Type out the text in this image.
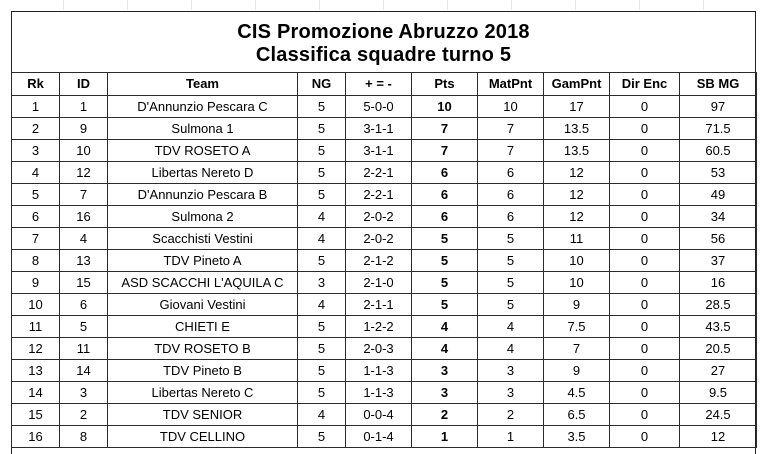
CIS Promozione Abruzzo 2018
Classifica squadre turno 5
Rk	ID	Team	NG	+ = -	Pts	MatPnt	GamPnt	Dir Enc	SB MG
1	1	D'Annunzio Pescara C	5	5-0-0	10	10	17	0	97
2	9	Sulmona 1	5	3-1-1	7	7	13.5	0	71.5
3	10	TDV ROSETO A	5	3-1-1	7	7	13.5	0	60.5
4	12	Libertas Nereto D	5	2-2-1	6	6	12	0	53
5	7	D'Annunzio Pescara B	5	2-2-1	6	6	12	0	49
6	16	Sulmona 2	4	2-0-2	6	6	12	0	34
7	4	Scacchisti Vestini	4	2-0-2	5	5	11	0	56
8	13	TDV Pineto A	5	2-1-2	5	5	10	0	37
9	15	ASD SCACCHI L'AQUILA C	3	2-1-0	5	5	10	0	16
10	6	Giovani Vestini	4	2-1-1	5	5	9	0	28.5
11	5	CHIETI E	5	1-2-2	4	4	7.5	0	43.5
12	11	TDV ROSETO B	5	2-0-3	4	4	7	0	20.5
13	14	TDV Pineto B	5	1-1-3	3	3	9	0	27
14	3	Libertas Nereto C	5	1-1-3	3	3	4.5	0	9.5
15	2	TDV SENIOR	4	0-0-4	2	2	6.5	0	24.5
16	8	TDV CELLINO	5	0-1-4	1	1	3.5	0	12
